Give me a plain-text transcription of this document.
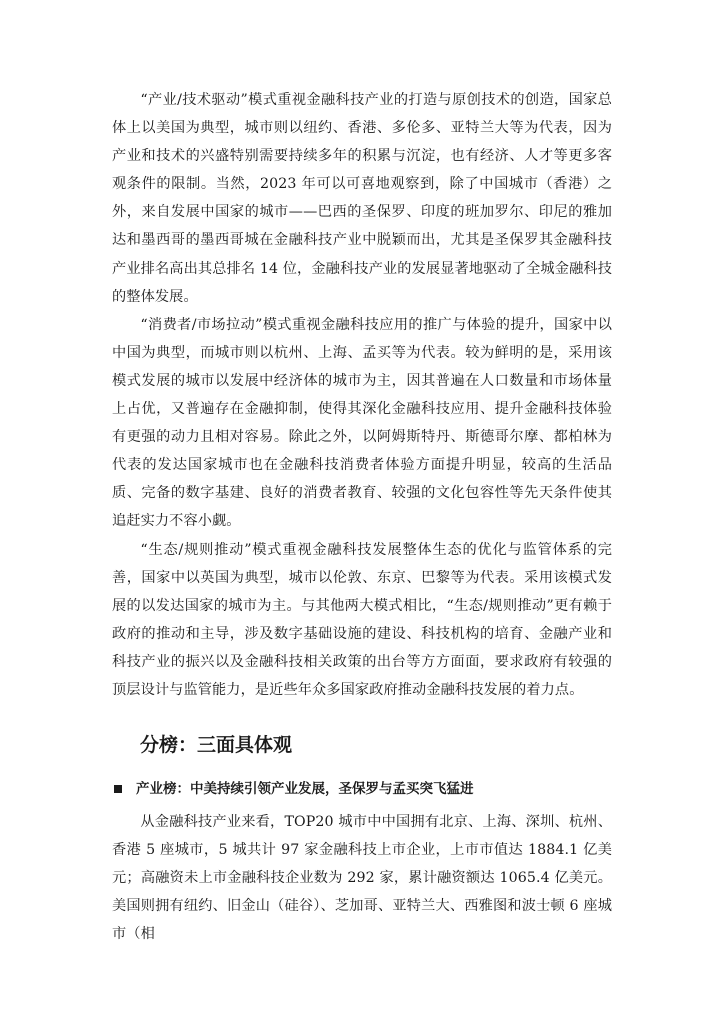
“产业/技术驱动”模式重视金融科技产业的打造与原创技术的创造，国家总体上以美国为典型，城市则以纽约、香港、多伦多、亚特兰大等为代表，因为产业和技术的兴盛特别需要持续多年的积累与沉淀，也有经济、人才等更多客观条件的限制。当然，2023 年可以可喜地观察到，除了中国城市（香港）之外，来自发展中国家的城市——巴西的圣保罗、印度的班加罗尔、印尼的雅加达和墨西哥的墨西哥城在金融科技产业中脱颖而出，尤其是圣保罗其金融科技产业排名高出其总排名 14 位，金融科技产业的发展显著地驱动了全城金融科技的整体发展。

“消费者/市场拉动”模式重视金融科技应用的推广与体验的提升，国家中以中国为典型，而城市则以杭州、上海、孟买等为代表。较为鲜明的是，采用该模式发展的城市以发展中经济体的城市为主，因其普遍在人口数量和市场体量上占优，又普遍存在金融抑制，使得其深化金融科技应用、提升金融科技体验有更强的动力且相对容易。除此之外，以阿姆斯特丹、斯德哥尔摩、都柏林为代表的发达国家城市也在金融科技消费者体验方面提升明显，较高的生活品质、完备的数字基建、良好的消费者教育、较强的文化包容性等先天条件使其追赶实力不容小觑。

“生态/规则推动”模式重视金融科技发展整体生态的优化与监管体系的完善，国家中以英国为典型，城市以伦敦、东京、巴黎等为代表。采用该模式发展的以发达国家的城市为主。与其他两大模式相比，“生态/规则推动”更有赖于政府的推动和主导，涉及数字基础设施的建设、科技机构的培育、金融产业和科技产业的振兴以及金融科技相关政策的出台等方方面面，要求政府有较强的顶层设计与监管能力，是近些年众多国家政府推动金融科技发展的着力点。

分榜：三面具体观
产业榜：中美持续引领产业发展，圣保罗与孟买突飞猛进

从金融科技产业来看，TOP20 城市中中国拥有北京、上海、深圳、杭州、香港 5 座城市，5 城共计 97 家金融科技上市企业，上市市值达 1884.1 亿美元；高融资未上市金融科技企业数为 292 家，累计融资额达 1065.4 亿美元。美国则拥有纽约、旧金山（硅谷）、芝加哥、亚特兰大、西雅图和波士顿 6 座城市（相
